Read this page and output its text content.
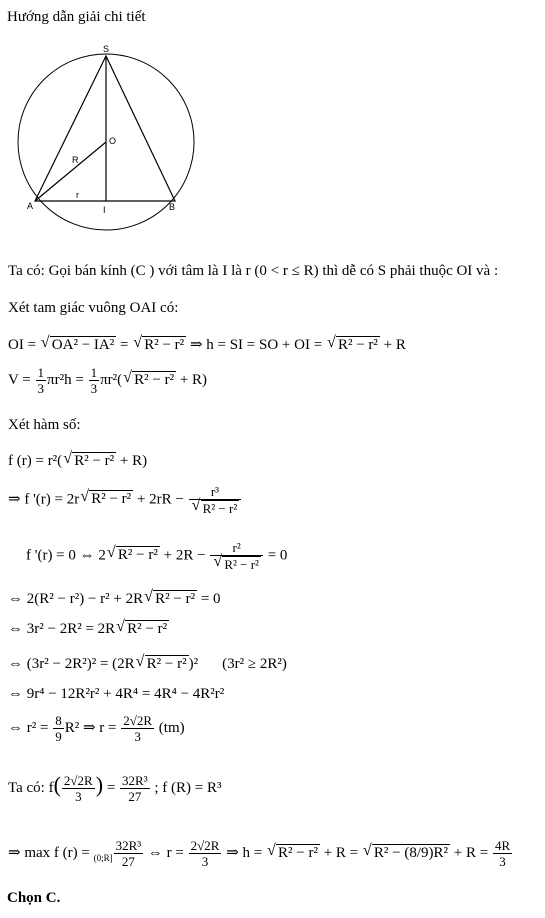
Hướng dẫn giải chi tiết
S
O
R
r
A	I	B
Ta có: Gọi bán kính (C ) với tâm là I là r (0 < r ≤ R) thì dễ có S phải thuộc OI và :
Xét tam giác vuông OAI có:
OI = √ OA² − IA² = √ R² − r² ⇒ h = SI = SO + OI = √ R² − r² + R
$V = \frac{1}{3} \pi r^2h = \frac{1}{3} \pi r^2(√$ R² − r² + R)
Xét hàm số:
f (r) = r²(√ R² − r² + R)
⇒ f '(r) = 2r√ R² − r² + 2rR − r³
√ R² − r²
f '(r) = 0 ⇔ 2√ R² − r² + 2R − r²
√ R² − r² = 0
⇔ 2(R² − r²) − r² + 2R√ R² − r² = 0
⇔ 3r² − 2R² = 2R√ R² − r²
⇔ (3r² − 2R²)² = (2R√ R² − r² )² (3r² ≥ 2R²)
⇔ 9r⁴ − 12R²r² + 4R⁴ = 4R⁴ − 4R²r²
⇔ $r^2 = \frac{8}{9} R^2$ ⇒ $r = \frac{2√2R}{3} (tm)$
Ta có: $f( \frac{2√2R}{3}$ ) = $\frac{\text{32R³}}{27}$ ; f (R) = R³
⇒ max f $(r) = _{(0;R]} \frac{\text{32R³}}{27}$ ⇔ $r = \frac{2√2R}{3}$ ⇒ h = √ R² − r² + R = √ $R^2 - (8/9)R^2 + R = \frac{4R}{3}$
Chọn C.
